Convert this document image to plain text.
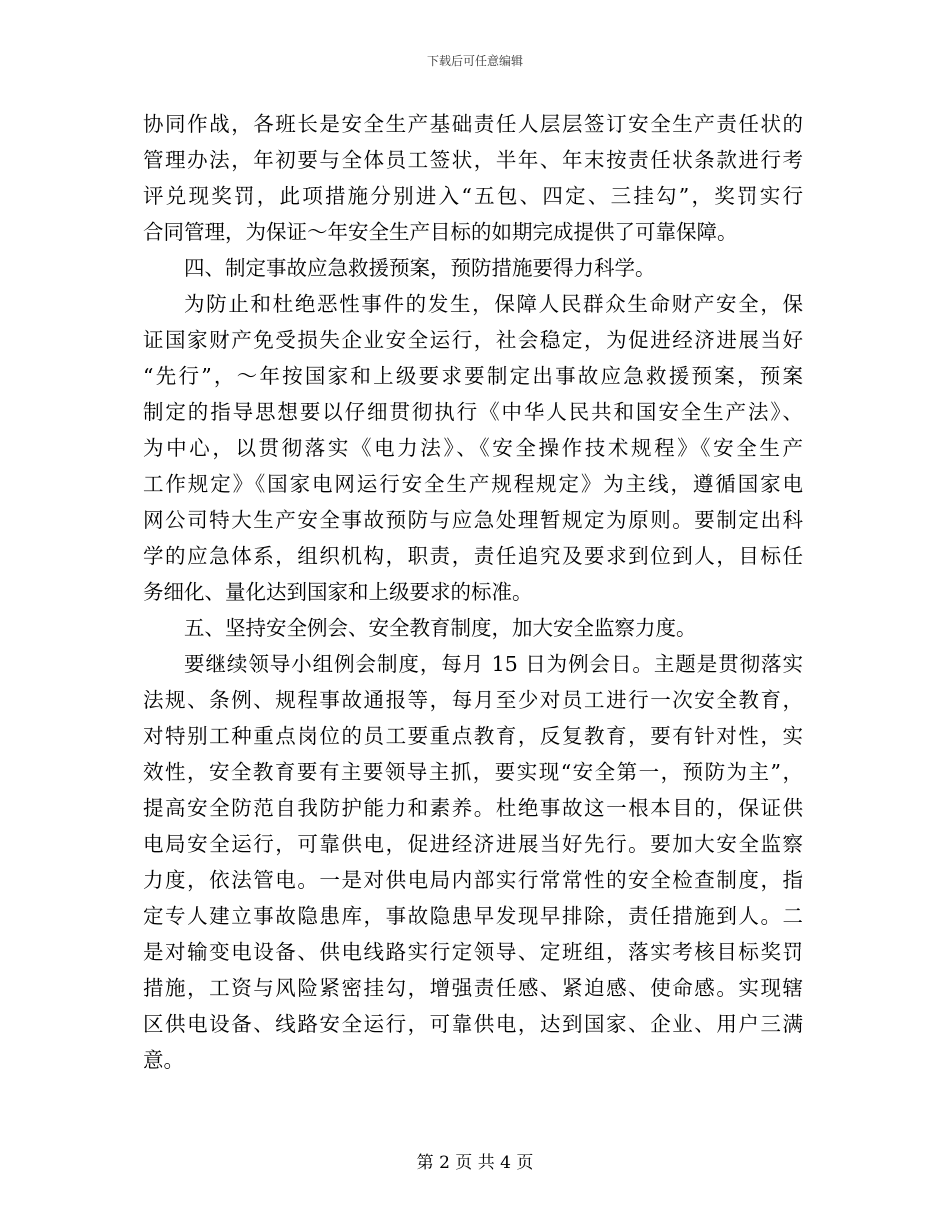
下载后可任意编辑
协同作战，各班长是安全生产基础责任人层层签订安全生产责任状的
管理办法，年初要与全体员工签状，半年、年末按责任状条款进行考
评兑现奖罚，此项措施分别进入“五包、四定、三挂勾”，奖罚实行
合同管理，为保证～年安全生产目标的如期完成提供了可靠保障。
四、制定事故应急救援预案，预防措施要得力科学。
为防止和杜绝恶性事件的发生，保障人民群众生命财产安全，保
证国家财产免受损失企业安全运行，社会稳定，为促进经济进展当好
“先行”，～年按国家和上级要求要制定出事故应急救援预案，预案
制定的指导思想要以仔细贯彻执行《中华人民共和国安全生产法》、
为中心，以贯彻落实《电力法》、《安全操作技术规程》《安全生产
工作规定》《国家电网运行安全生产规程规定》为主线，遵循国家电
网公司特大生产安全事故预防与应急处理暂规定为原则。要制定出科
学的应急体系，组织机构，职责，责任追究及要求到位到人，目标任
务细化、量化达到国家和上级要求的标准。
五、坚持安全例会、安全教育制度，加大安全监察力度。
要继续领导小组例会制度，每月 15 日为例会日。主题是贯彻落实
法规、条例、规程事故通报等，每月至少对员工进行一次安全教育，
对特别工种重点岗位的员工要重点教育，反复教育，要有针对性，实
效性，安全教育要有主要领导主抓，要实现“安全第一，预防为主”，
提高安全防范自我防护能力和素养。杜绝事故这一根本目的，保证供
电局安全运行，可靠供电，促进经济进展当好先行。要加大安全监察
力度，依法管电。一是对供电局内部实行常常性的安全检查制度，指
定专人建立事故隐患库，事故隐患早发现早排除，责任措施到人。二
是对输变电设备、供电线路实行定领导、定班组，落实考核目标奖罚
措施，工资与风险紧密挂勾，增强责任感、紧迫感、使命感。实现辖
区供电设备、线路安全运行，可靠供电，达到国家、企业、用户三满
意。
第 2 页 共 4 页
